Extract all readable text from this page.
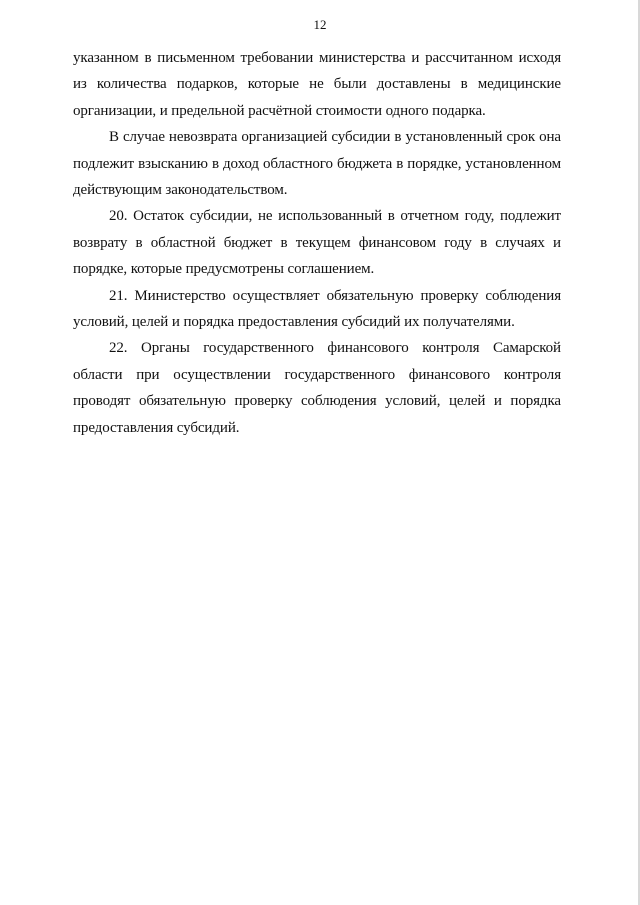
12

указанном в письменном требовании министерства и рассчитанном исходя из количества подарков, которые не были доставлены в медицинские организации, и предельной расчётной стоимости одного подарка.

В случае невозврата организацией субсидии в установленный срок она подлежит взысканию в доход областного бюджета в порядке, установленном действующим законодательством.

20. Остаток субсидии, не использованный в отчетном году, подлежит возврату в областной бюджет в текущем финансовом году в случаях и порядке, которые предусмотрены соглашением.

21. Министерство осуществляет обязательную проверку соблюдения условий, целей и порядка предоставления субсидий их получателями.

22. Органы государственного финансового контроля Самарской области при осуществлении государственного финансового контроля проводят обязательную проверку соблюдения условий, целей и порядка предоставления субсидий.
